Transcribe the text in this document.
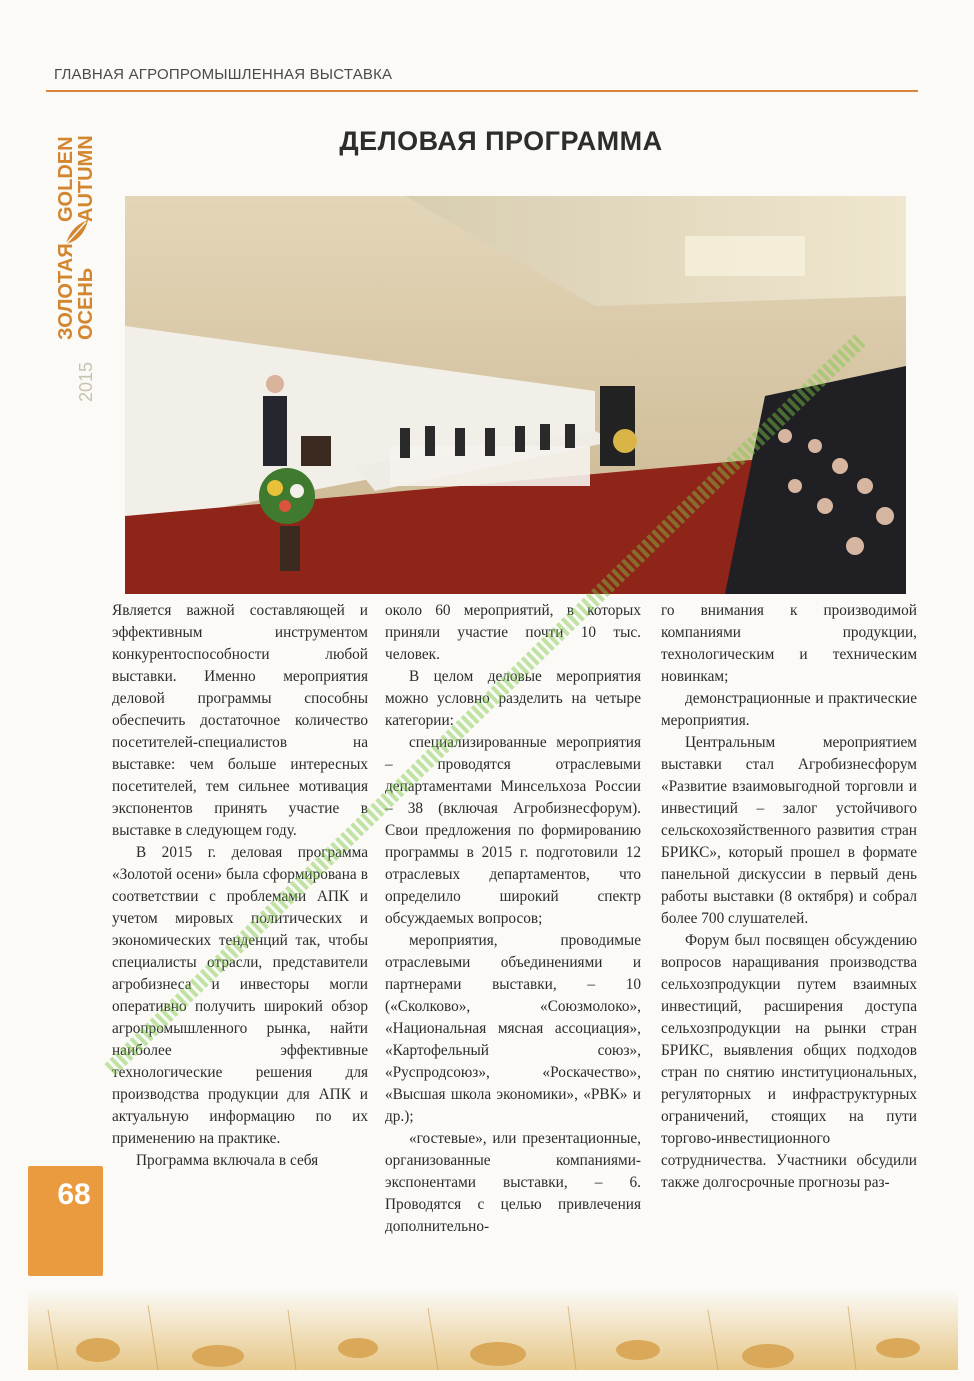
ГЛАВНАЯ АГРОПРОМЫШЛЕННАЯ ВЫСТАВКА
ЗОЛОТАЯ
ОСЕНЬ
GOLDEN
AUTUMN
2015
ДЕЛОВАЯ ПРОГРАММА

Является важной составляющей и эффективным инструментом конкурентоспособности любой выставки. Именно мероприятия деловой программы способны обеспечить достаточное количество посетителей-специалистов на выставке: чем больше интересных посетителей, тем сильнее мотивация экспонентов принять участие в выставке в следующем году.

В 2015 г. деловая программа «Золотой осени» была сформирована в соответствии с проблемами АПК и учетом мировых политических и экономических тенденций так, чтобы специалисты отрасли, представители агробизнеса и инвесторы могли оперативно получить широкий обзор агропромышленного рынка, найти наиболее эффективные технологические решения для производства продукции для АПК и актуальную информацию по их применению на практике.

Программа включала в себя

около 60 мероприятий, в которых приняли участие почти 10 тыс. человек.

В целом деловые мероприятия можно условно разделить на четыре категории:

специализированные мероприятия – проводятся отраслевыми департаментами Минсельхоза России – 38 (включая Агробизнесфорум). Свои предложения по формированию программы в 2015 г. подготовили 12 отраслевых департаментов, что определило широкий спектр обсуждаемых вопросов;

мероприятия, проводимые отраслевыми объединениями и партнерами выставки, – 10 («Сколково», «Союзмолоко», «Национальная мясная ассоциация», «Картофельный союз», «Руспродсоюз», «Роскачество», «Высшая школа экономики», «РВК» и др.);

«гостевые», или презентационные, организованные компаниями-экспонентами выставки, – 6. Проводятся с целью привлечения дополнительно-

го внимания к производимой компаниями продукции, технологическим и техническим новинкам;

демонстрационные и практические мероприятия.

Центральным мероприятием выставки стал Агробизнесфорум «Развитие взаимовыгодной торговли и инвестиций – залог устойчивого сельскохозяйственного развития стран БРИКС», который прошел в формате панельной дискуссии в первый день работы выставки (8 октября) и собрал более 700 слушателей.

Форум был посвящен обсуждению вопросов наращивания производства сельхозпродукции путем взаимных инвестиций, расширения доступа сельхозпродукции на рынки стран БРИКС, выявления общих подходов стран по снятию институциональных, регуляторных и инфраструктурных ограничений, стоящих на пути торгово-инвестиционного сотрудничества. Участники обсудили также долгосрочные прогнозы раз-

68
